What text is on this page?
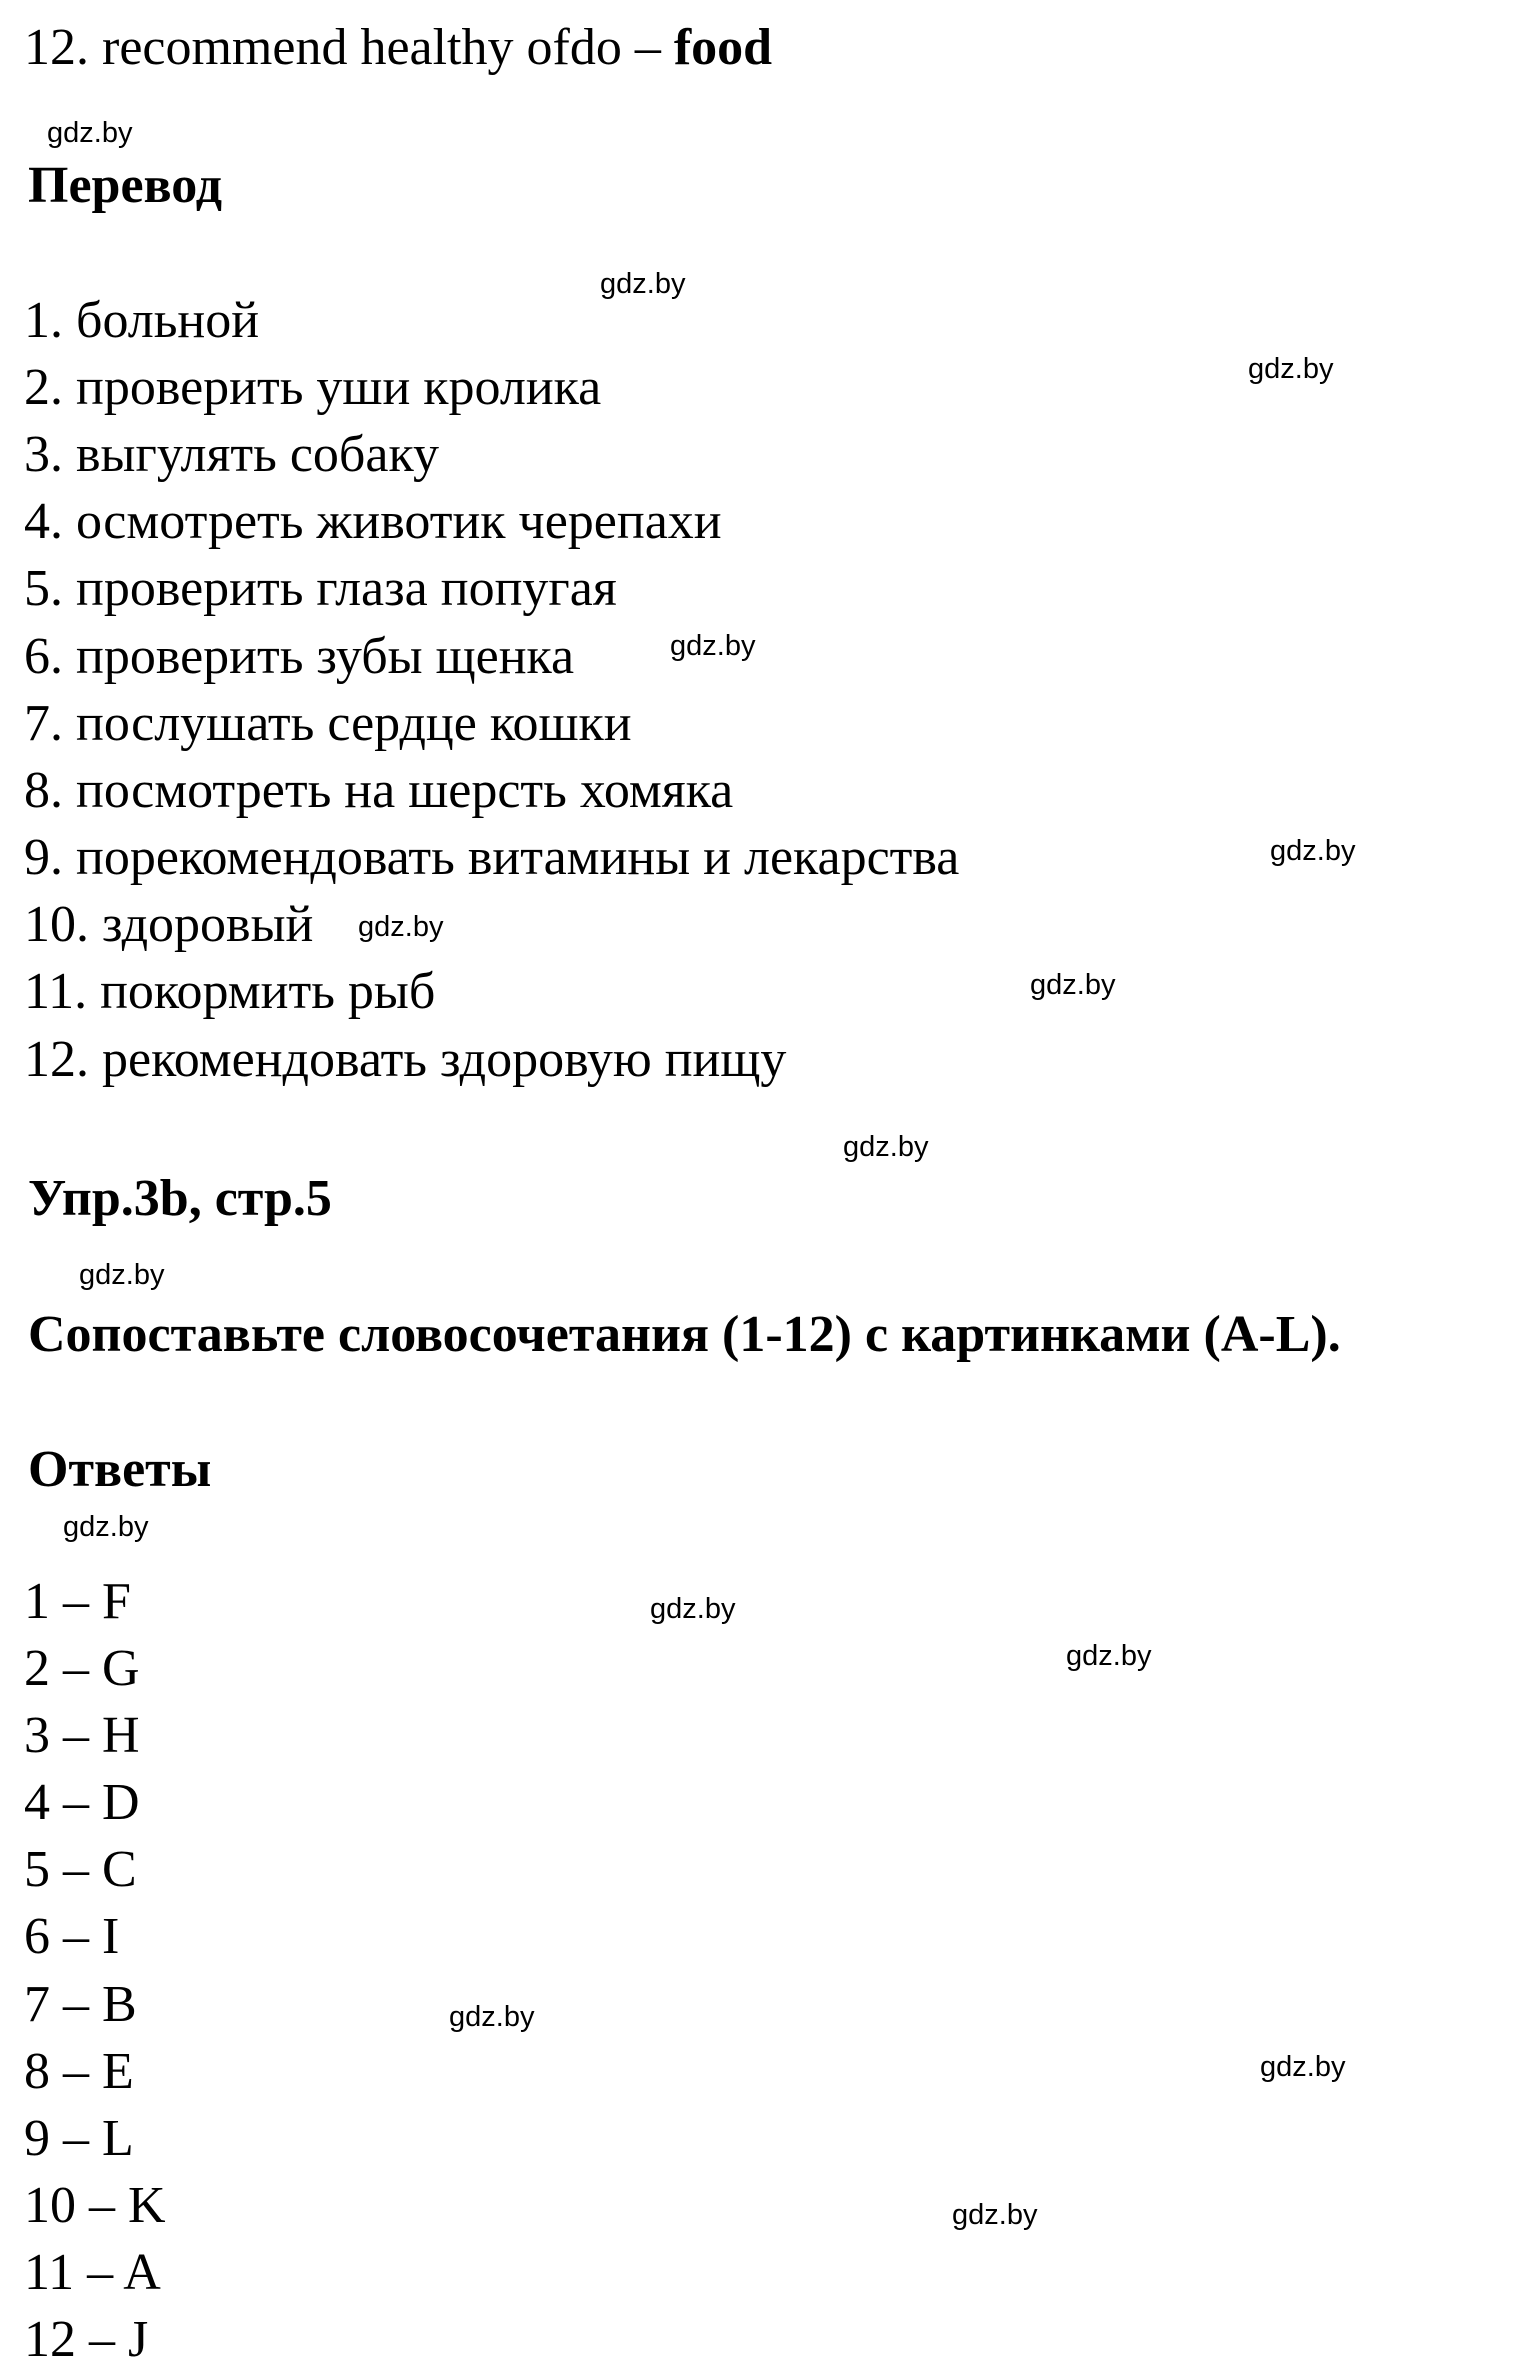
12. recommend healthy ofdo – food

Перевод

1. больной

2. проверить уши кролика

3. выгулять собаку

4. осмотреть животик черепахи

5. проверить глаза попугая

6. проверить зубы щенка

7. послушать сердце кошки

8. посмотреть на шерсть хомяка

9. порекомендовать витамины и лекарства

10. здоровый

11. покормить рыб

12. рекомендовать здоровую пищу

Упр.3b, стр.5
Сопоставьте словосочетания (1-12) с картинками (A-L).
Ответы

1 – F

2 – G

3 – H

4 – D

5 – C

6 – I

7 – B

8 – E

9 – L

10 – K

11 – A

12 – J

gdz.by
gdz.by
gdz.by
gdz.by
gdz.by
gdz.by
gdz.by
gdz.by
gdz.by
gdz.by
gdz.by
gdz.by
gdz.by
gdz.by
gdz.by
